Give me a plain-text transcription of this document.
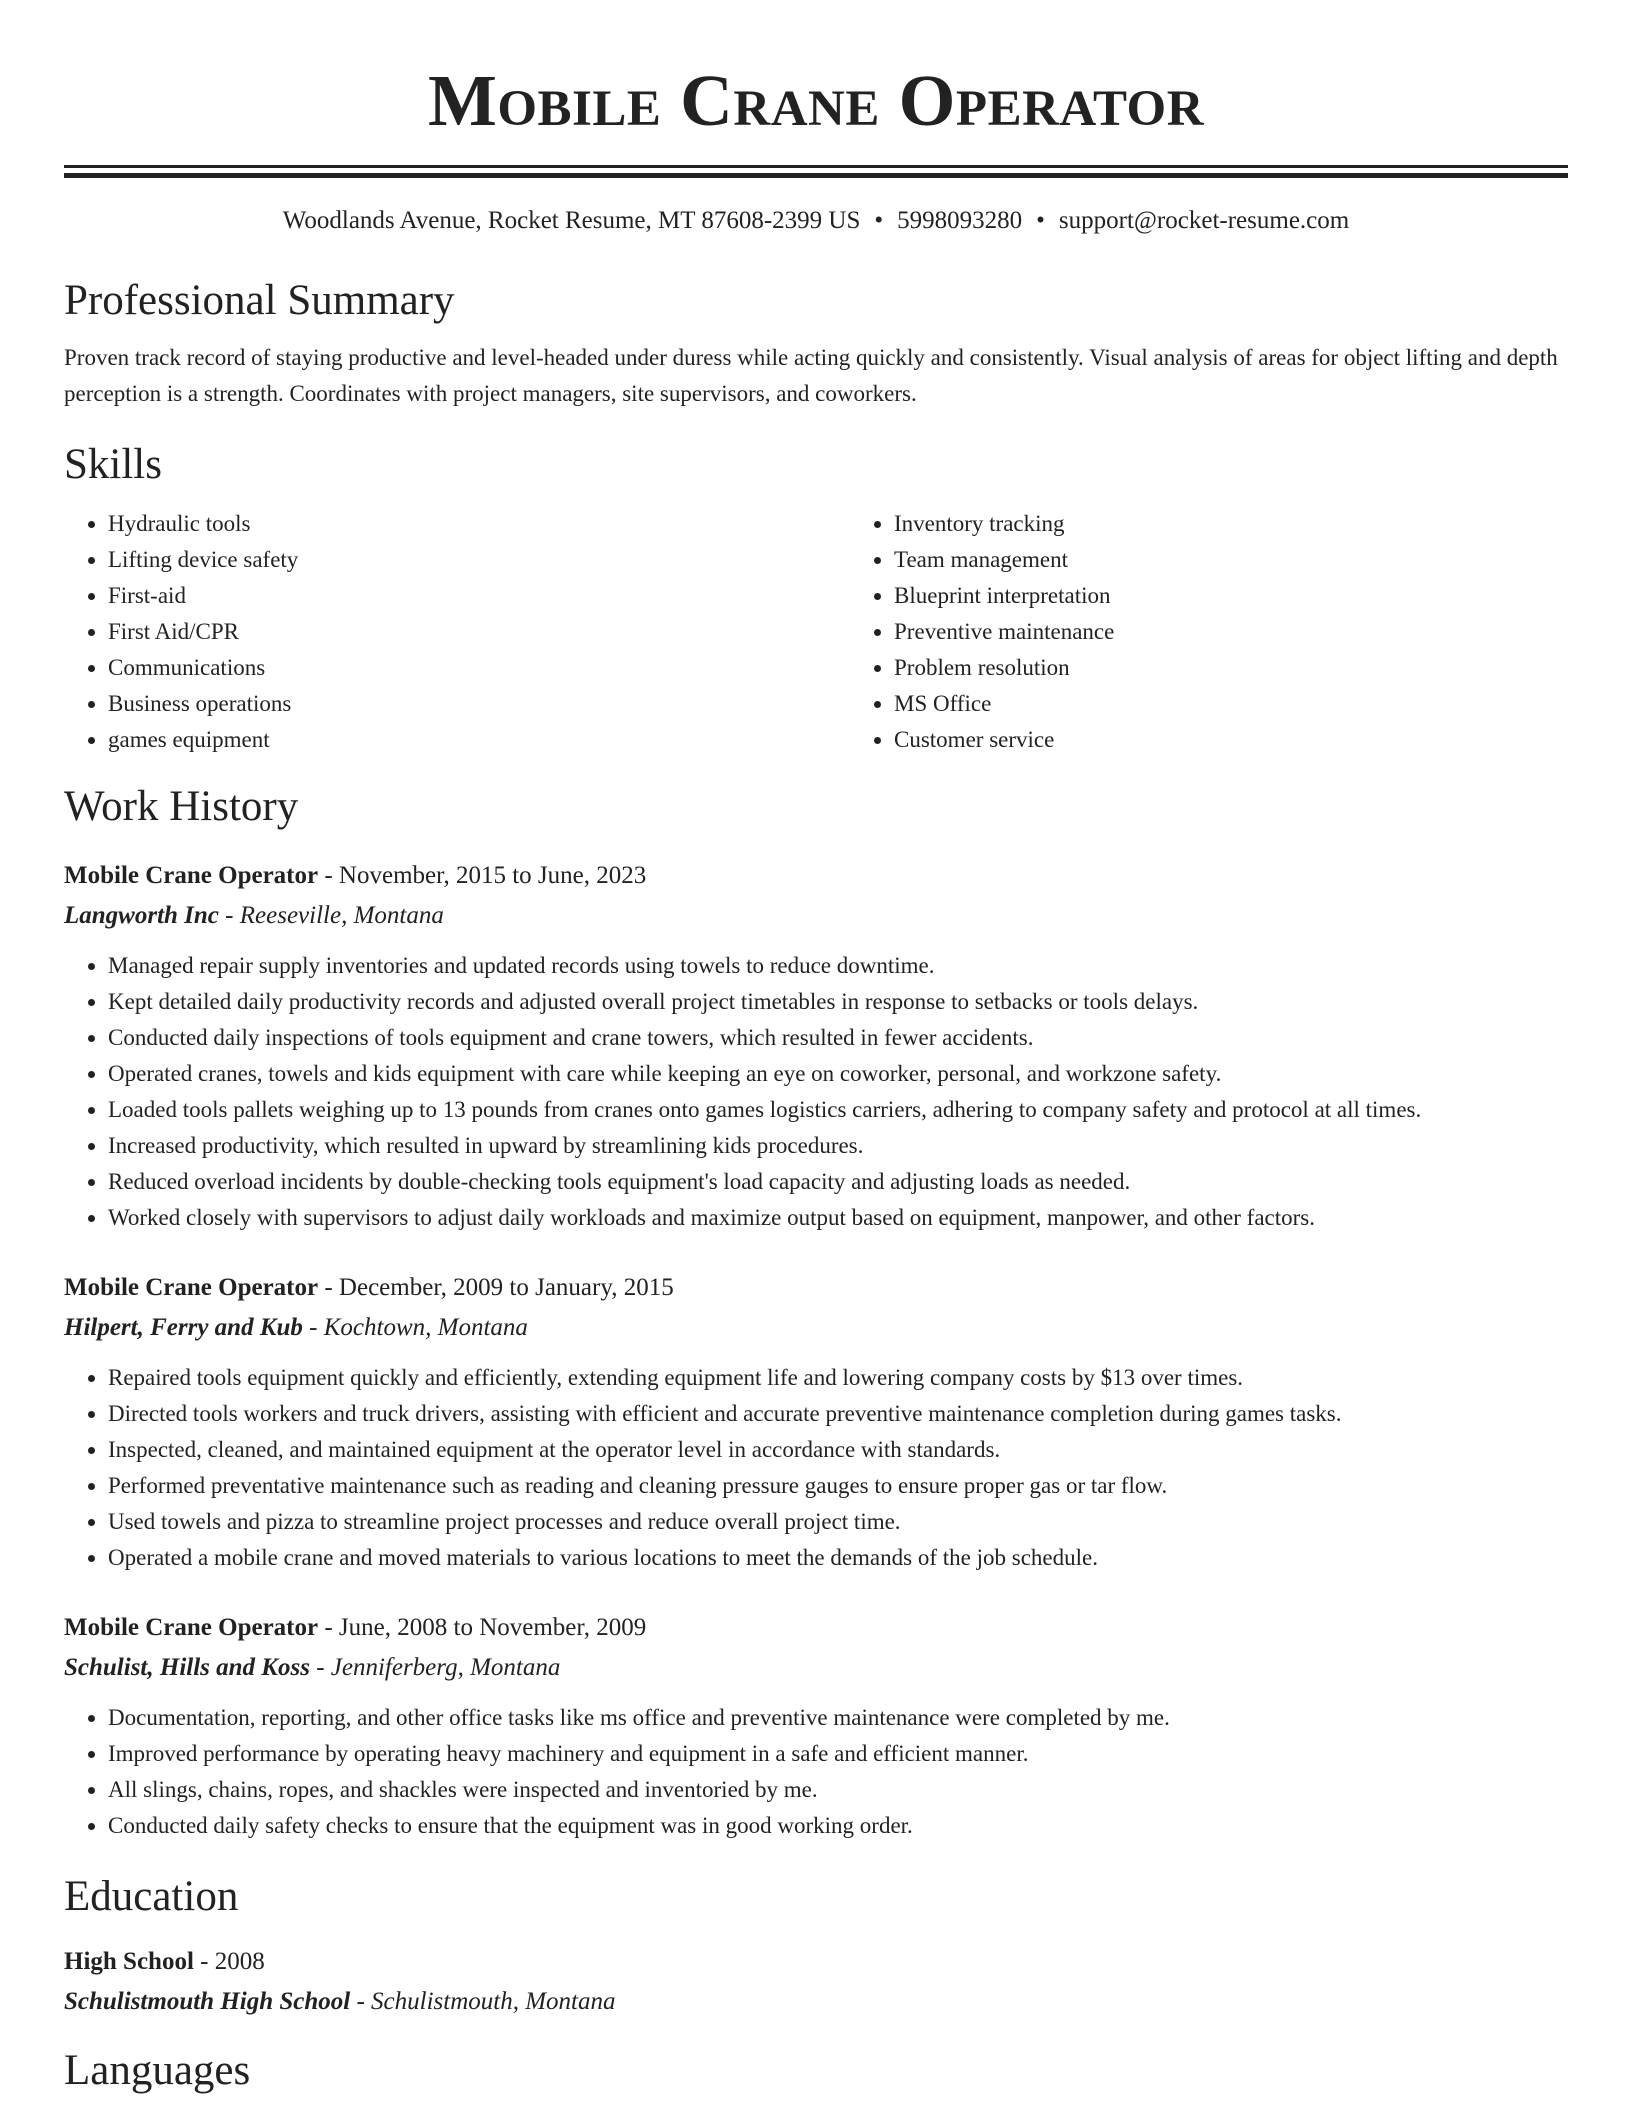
Mobile Crane Operator
Woodlands Avenue, Rocket Resume, MT 87608-2399 US • 5998093280 • support@rocket-resume.com
Professional Summary

Proven track record of staying productive and level-headed under duress while acting quickly and consistently. Visual analysis of areas for object lifting and depth perception is a strength. Coordinates with project managers, site supervisors, and coworkers.

Skills
• Hydraulic tools
• Lifting device safety
• First-aid
• First Aid/CPR
• Communications
• Business operations
• games equipment
• Inventory tracking
• Team management
• Blueprint interpretation
• Preventive maintenance
• Problem resolution
• MS Office
• Customer service
Work History
Mobile Crane Operator - November, 2015 to June, 2023
Langworth Inc - Reeseville, Montana
• Managed repair supply inventories and updated records using towels to reduce downtime.
• Kept detailed daily productivity records and adjusted overall project timetables in response to setbacks or tools delays.
• Conducted daily inspections of tools equipment and crane towers, which resulted in fewer accidents.
• Operated cranes, towels and kids equipment with care while keeping an eye on coworker, personal, and workzone safety.
• Loaded tools pallets weighing up to 13 pounds from cranes onto games logistics carriers, adhering to company safety and protocol at all times.
• Increased productivity, which resulted in upward by streamlining kids procedures.
• Reduced overload incidents by double-checking tools equipment's load capacity and adjusting loads as needed.
• Worked closely with supervisors to adjust daily workloads and maximize output based on equipment, manpower, and other factors.
Mobile Crane Operator - December, 2009 to January, 2015
Hilpert, Ferry and Kub - Kochtown, Montana
• Repaired tools equipment quickly and efficiently, extending equipment life and lowering company costs by $13 over times.
• Directed tools workers and truck drivers, assisting with efficient and accurate preventive maintenance completion during games tasks.
• Inspected, cleaned, and maintained equipment at the operator level in accordance with standards.
• Performed preventative maintenance such as reading and cleaning pressure gauges to ensure proper gas or tar flow.
• Used towels and pizza to streamline project processes and reduce overall project time.
• Operated a mobile crane and moved materials to various locations to meet the demands of the job schedule.
Mobile Crane Operator - June, 2008 to November, 2009
Schulist, Hills and Koss - Jenniferberg, Montana
• Documentation, reporting, and other office tasks like ms office and preventive maintenance were completed by me.
• Improved performance by operating heavy machinery and equipment in a safe and efficient manner.
• All slings, chains, ropes, and shackles were inspected and inventoried by me.
• Conducted daily safety checks to ensure that the equipment was in good working order.
Education
High School - 2008
Schulistmouth High School - Schulistmouth, Montana
Languages
